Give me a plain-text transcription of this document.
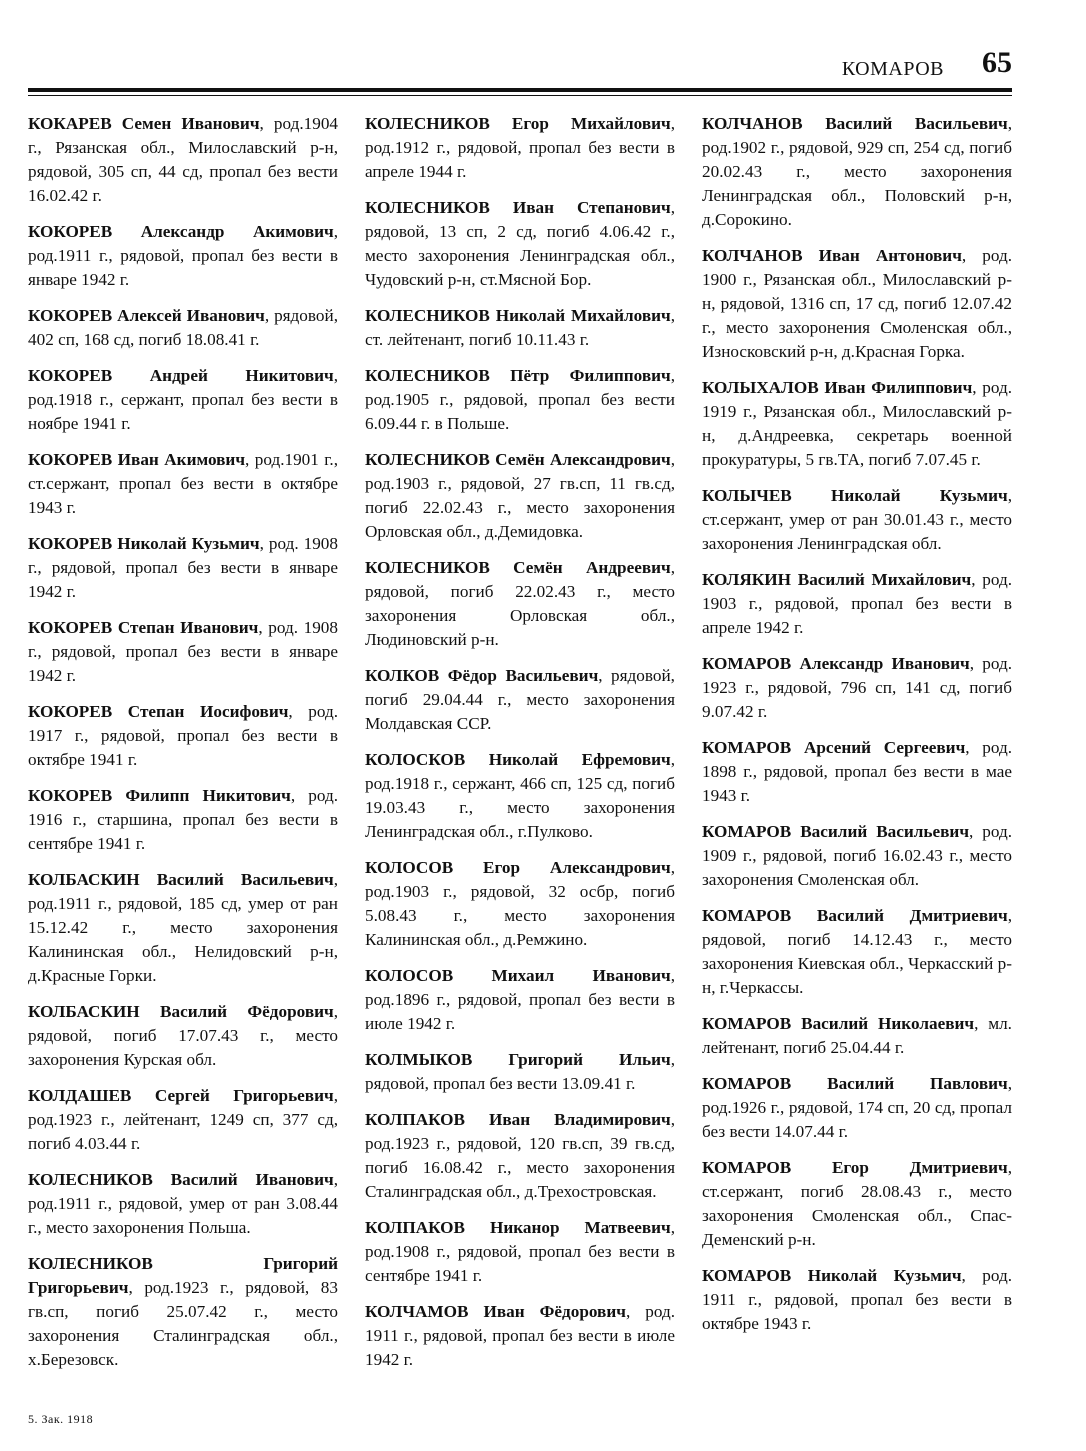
КОМАРОВ 65

КОКАРЕВ Семен Иванович, род.1904 г., Рязанская обл., Милославский р-н, рядовой, 305 сп, 44 сд, пропал без вести 16.02.42 г.

КОКОРЕВ Александр Акимович, род.1911 г., рядовой, пропал без вести в январе 1942 г.

КОКОРЕВ Алексей Иванович, рядовой, 402 сп, 168 сд, погиб 18.08.41 г.

КОКОРЕВ Андрей Никитович, род.1918 г., сержант, пропал без вести в ноябре 1941 г.

КОКОРЕВ Иван Акимович, род.1901 г., ст.сержант, пропал без вести в октябре 1943 г.

КОКОРЕВ Николай Кузьмич, род. 1908 г., рядовой, пропал без вести в январе 1942 г.

КОКОРЕВ Степан Иванович, род. 1908 г., рядовой, пропал без вести в январе 1942 г.

КОКОРЕВ Степан Иосифович, род. 1917 г., рядовой, пропал без вести в октябре 1941 г.

КОКОРЕВ Филипп Никитович, род. 1916 г., старшина, пропал без вести в сентябре 1941 г.

КОЛБАСКИН Василий Васильевич, род.1911 г., рядовой, 185 сд, умер от ран 15.12.42 г., место захоронения Калининская обл., Нелидовский р-н, д.Красные Горки.

КОЛБАСКИН Василий Фёдорович, рядовой, погиб 17.07.43 г., место захоронения Курская обл.

КОЛДАШЕВ Сергей Григорьевич, род.1923 г., лейтенант, 1249 сп, 377 сд, погиб 4.03.44 г.

КОЛЕСНИКОВ Василий Иванович, род.1911 г., рядовой, умер от ран 3.08.44 г., место захоронения Польша.

КОЛЕСНИКОВ Григорий Григорьевич, род.1923 г., рядовой, 83 гв.сп, погиб 25.07.42 г., место захоронения Сталинградская обл., х.Березовск.

КОЛЕСНИКОВ Егор Михайлович, род.1912 г., рядовой, пропал без вести в апреле 1944 г.

КОЛЕСНИКОВ Иван Степанович, рядовой, 13 сп, 2 сд, погиб 4.06.42 г., место захоронения Ленинградская обл., Чудовский р-н, ст.Мясной Бор.

КОЛЕСНИКОВ Николай Михайлович, ст. лейтенант, погиб 10.11.43 г.

КОЛЕСНИКОВ Пётр Филиппович, род.1905 г., рядовой, пропал без вести 6.09.44 г. в Польше.

КОЛЕСНИКОВ Семён Александрович, род.1903 г., рядовой, 27 гв.сп, 11 гв.сд, погиб 22.02.43 г., место захоронения Орловская обл., д.Демидовка.

КОЛЕСНИКОВ Семён Андреевич, рядовой, погиб 22.02.43 г., место захоронения Орловская обл., Людиновский р-н.

КОЛКОВ Фёдор Васильевич, рядовой, погиб 29.04.44 г., место захоронения Молдавская ССР.

КОЛОСКОВ Николай Ефремович, род.1918 г., сержант, 466 сп, 125 сд, погиб 19.03.43 г., место захоронения Ленинградская обл., г.Пулково.

КОЛОСОВ Егор Александрович, род.1903 г., рядовой, 32 осбр, погиб 5.08.43 г., место захоронения Калининская обл., д.Ремжино.

КОЛОСОВ Михаил Иванович, род.1896 г., рядовой, пропал без вести в июле 1942 г.

КОЛМЫКОВ Григорий Ильич, рядовой, пропал без вести 13.09.41 г.

КОЛПАКОВ Иван Владимирович, род.1923 г., рядовой, 120 гв.сп, 39 гв.сд, погиб 16.08.42 г., место захоронения Сталинградская обл., д.Трехостровская.

КОЛПАКОВ Никанор Матвеевич, род.1908 г., рядовой, пропал без вести в сентябре 1941 г.

КОЛЧАМОВ Иван Фёдорович, род. 1911 г., рядовой, пропал без вести в июле 1942 г.

КОЛЧАНОВ Василий Васильевич, род.1902 г., рядовой, 929 сп, 254 сд, погиб 20.02.43 г., место захоронения Ленинградская обл., Половский р-н, д.Сорокино.

КОЛЧАНОВ Иван Антонович, род. 1900 г., Рязанская обл., Милославский р-н, рядовой, 1316 сп, 17 сд, погиб 12.07.42 г., место захоронения Смоленская обл., Износковский р-н, д.Красная Горка.

КОЛЫХАЛОВ Иван Филиппович, род. 1919 г., Рязанская обл., Милославский р-н, д.Андреевка, секретарь военной прокуратуры, 5 гв.ТА, погиб 7.07.45 г.

КОЛЫЧЕВ Николай Кузьмич, ст.сержант, умер от ран 30.01.43 г., место захоронения Ленинградская обл.

КОЛЯКИН Василий Михайлович, род. 1903 г., рядовой, пропал без вести в апреле 1942 г.

КОМАРОВ Александр Иванович, род. 1923 г., рядовой, 796 сп, 141 сд, погиб 9.07.42 г.

КОМАРОВ Арсений Сергеевич, род. 1898 г., рядовой, пропал без вести в мае 1943 г.

КОМАРОВ Василий Васильевич, род. 1909 г., рядовой, погиб 16.02.43 г., место захоронения Смоленская обл.

КОМАРОВ Василий Дмитриевич, рядовой, погиб 14.12.43 г., место захоронения Киевская обл., Черкасский р-н, г.Черкассы.

КОМАРОВ Василий Николаевич, мл. лейтенант, погиб 25.04.44 г.

КОМАРОВ Василий Павлович, род.1926 г., рядовой, 174 сп, 20 сд, пропал без вести 14.07.44 г.

КОМАРОВ Егор Дмитриевич, ст.сержант, погиб 28.08.43 г., место захоронения Смоленская обл., Спас-Деменский р-н.

КОМАРОВ Николай Кузьмич, род. 1911 г., рядовой, пропал без вести в октябре 1943 г.

5. Зак. 1918
